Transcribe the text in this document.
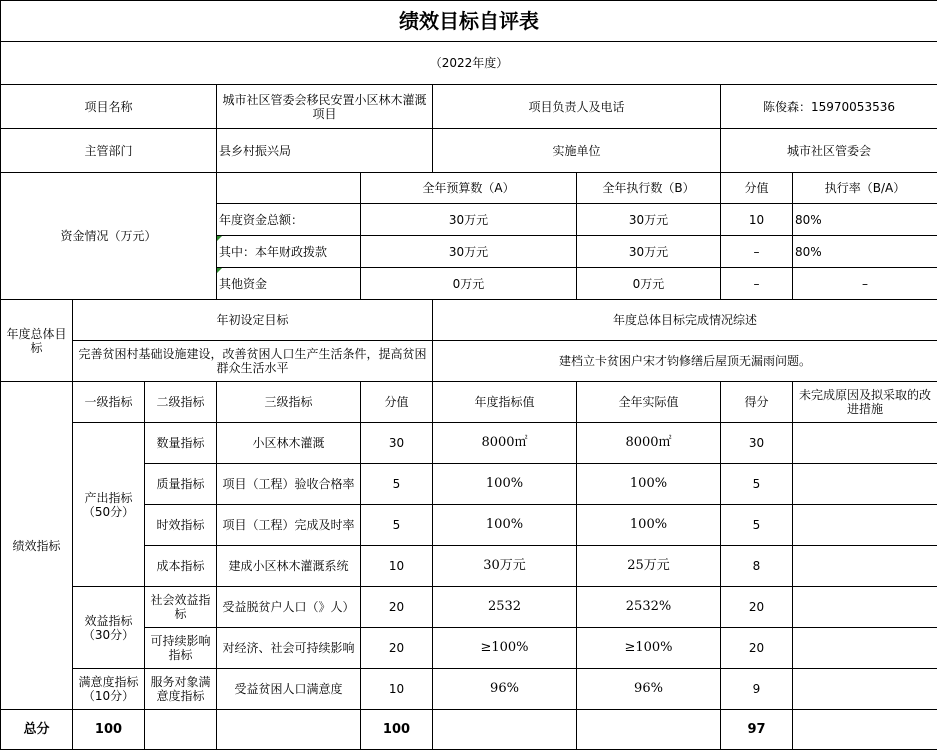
绩效目标自评表									
（2022年度）									
项目名称			城市社区管委会移民安置小区林木灌溉项目		项目负责人及电话		陈俊森：15970053536		
主管部门			县乡村振兴局		实施单位		城市社区管委会		
资金情况（万元）				全年预算数（A）		全年执行数（B）	分值	执行率（B/A）	
			年度资金总额：	30万元		30万元	10	80%	
			其中：本年财政拨款	30万元		30万元	–	80%	
			其他资金	0万元		0万元	–	–	
年度总体目标	年初设定目标				年度总体目标完成情况综述				
	完善贫困村基础设施建设，改善贫困人口生产生活条件，提高贫困群众生活水平				建档立卡贫困户宋才钧修缮后屋顶无漏雨问题。				
绩效指标	一级指标	二级指标	三级指标	分值	年度指标值	全年实际值	得分	未完成原因及拟采取的改进措施	
	产出指标（50分）	数量指标	小区林木灌溉	30	8000㎡	8000㎡	30		
		质量指标	项目（工程）验收合格率	5	100%	100%	5		
		时效指标	项目（工程）完成及时率	5	100%	100%	5		
		成本指标	建成小区林木灌溉系统	10	30万元	25万元	8		
	效益指标（30分）	社会效益指标	受益脱贫户人口（》人）	20	2532	2532%	20		
		可持续影响指标	对经济、社会可持续影响	20	≥100%	≥100%	20		
	满意度指标（10分）	服务对象满意度指标	受益贫困人口满意度	10	96%	96%	9		
总分	100			100			97		
